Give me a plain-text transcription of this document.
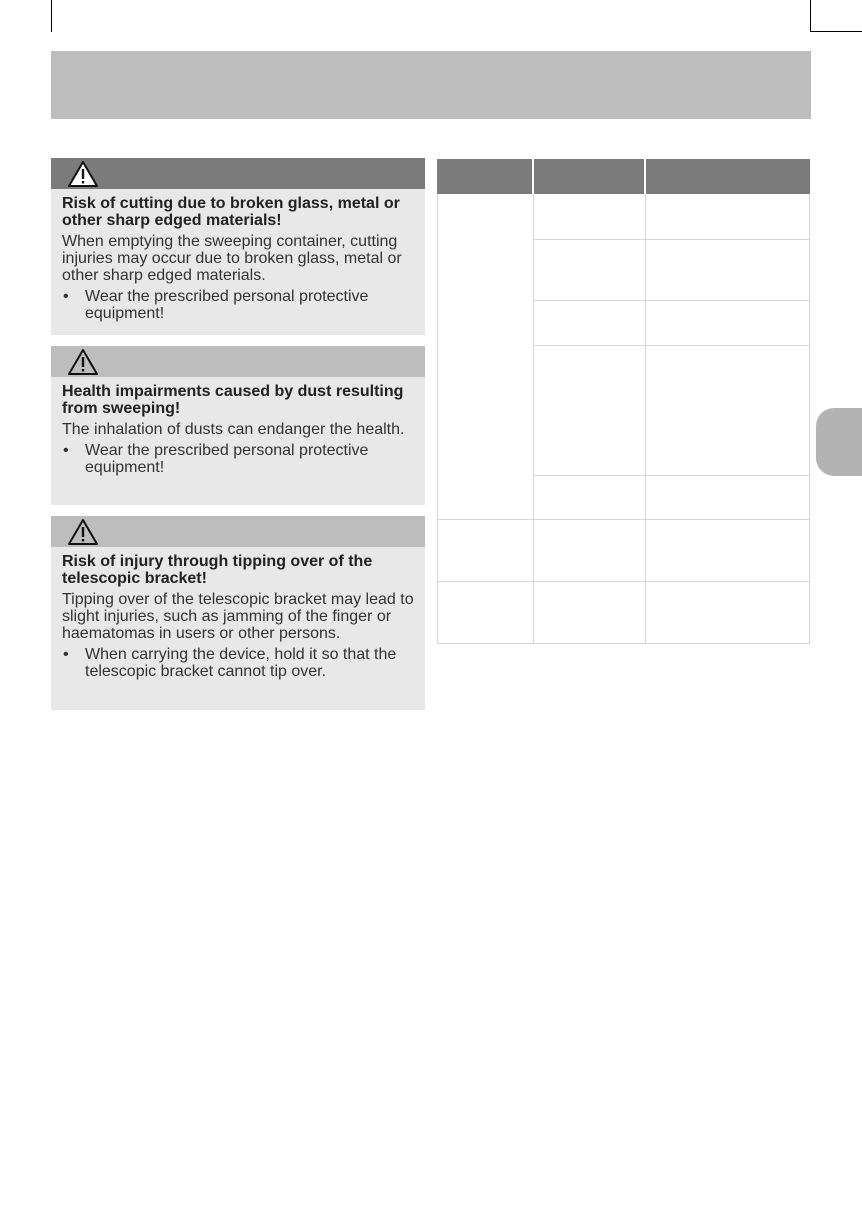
Risk of cutting due to broken glass, metal or other sharp edged materials!

When emptying the sweeping container, cutting injuries may occur due to broken glass, metal or other sharp edged materials.

• Wear the prescribed personal protective equipment!

Health impairments caused by dust resulting from sweeping!

The inhalation of dusts can endanger the health.

• Wear the prescribed personal protective equipment!

Risk of injury through tipping over of the telescopic bracket!

Tipping over of the telescopic bracket may lead to slight injuries, such as jamming of the finger or haematomas in users or other persons.

• When carrying the device, hold it so that the telescopic bracket cannot tip over.
